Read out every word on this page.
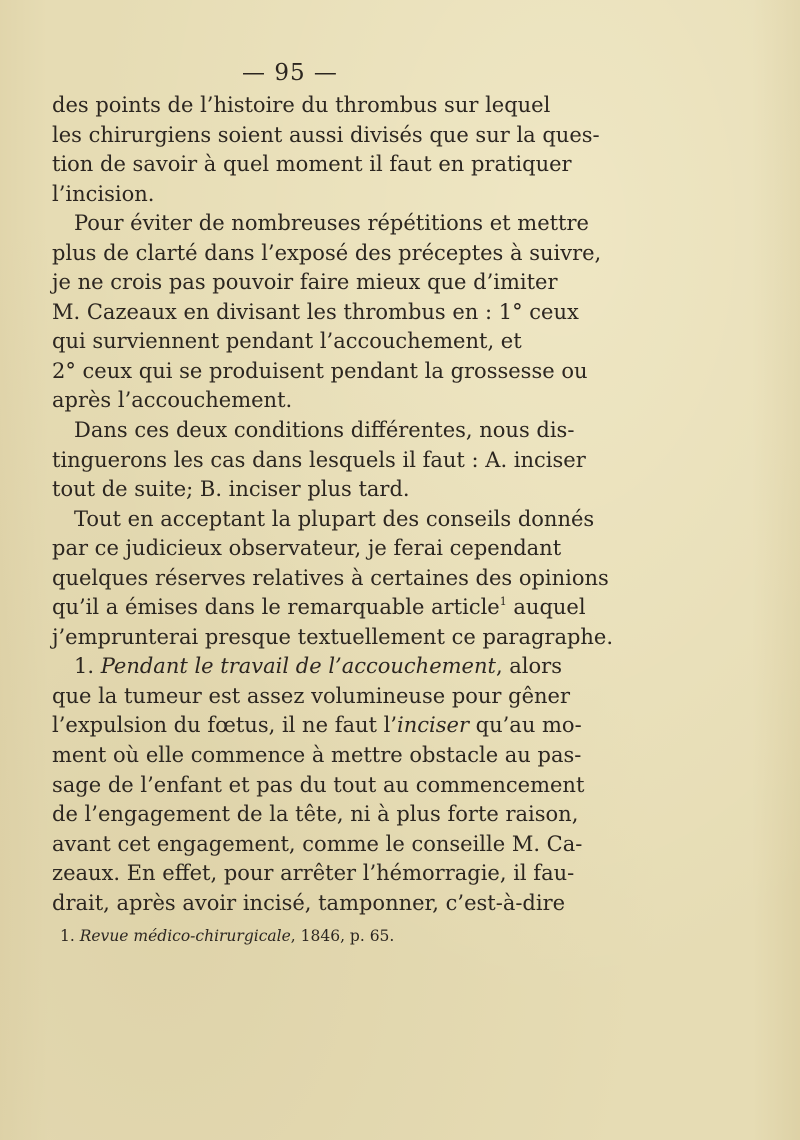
— 95 —
des points de l’histoire du thrombus sur lequel
les chirurgiens soient aussi divisés que sur la ques-
tion de savoir à quel moment il faut en pratiquer
l’incision.
Pour éviter de nombreuses répétitions et mettre
plus de clarté dans l’exposé des préceptes à suivre,
je ne crois pas pouvoir faire mieux que d’imiter
M. Cazeaux en divisant les thrombus en : 1° ceux
qui surviennent pendant l’accouchement, et
2° ceux qui se produisent pendant la grossesse ou
après l’accouchement.
Dans ces deux conditions différentes, nous dis-
tinguerons les cas dans lesquels il faut : A. inciser
tout de suite; B. inciser plus tard.
Tout en acceptant la plupart des conseils donnés
par ce judicieux observateur, je ferai cependant
quelques réserves relatives à certaines des opinions
qu’il a émises dans le remarquable article$^1$ auquel
j’emprunterai presque textuellement ce paragraphe.
1. Pendant le travail de l’accouchement, alors
que la tumeur est assez volumineuse pour gêner
l’expulsion du fœtus, il ne faut l’inciser qu’au mo-
ment où elle commence à mettre obstacle au pas-
sage de l’enfant et pas du tout au commencement
de l’engagement de la tête, ni à plus forte raison,
avant cet engagement, comme le conseille M. Ca-
zeaux. En effet, pour arrêter l’hémorragie, il fau-
drait, après avoir incisé, tamponner, c’est-à-dire
1. Revue médico-chirurgicale, 1846, p. 65.
